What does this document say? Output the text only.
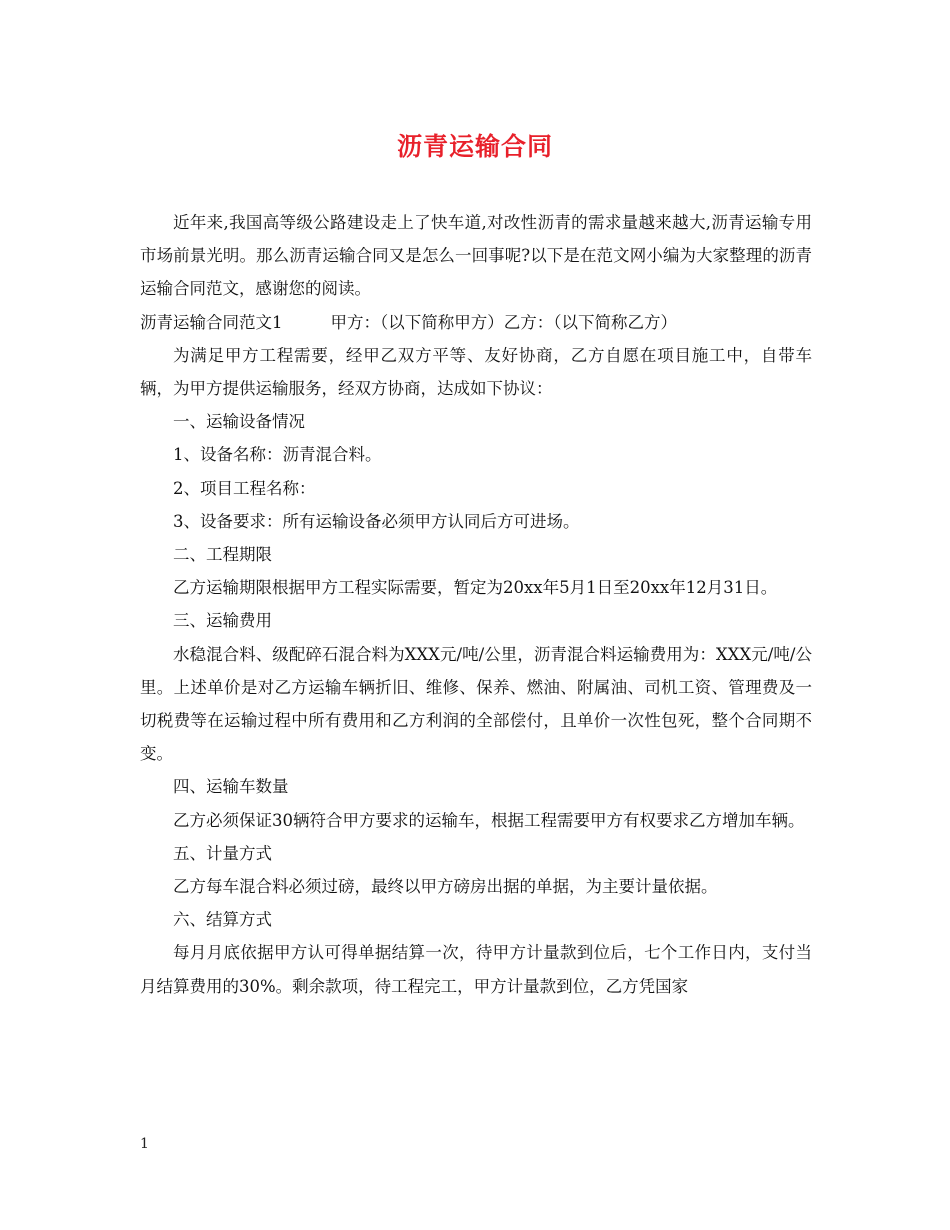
沥青运输合同

近年来,我国高等级公路建设走上了快车道,对改性沥青的需求量越来越大,沥青运输专用市场前景光明。那么沥青运输合同又是怎么一回事呢?以下是在范文网小编为大家整理的沥青运输合同范文，感谢您的阅读。

沥青运输合同范文1	甲方：（以下简称甲方）乙方：（以下简称乙方）

为满足甲方工程需要，经甲乙双方平等、友好协商，乙方自愿在项目施工中，自带车辆，为甲方提供运输服务，经双方协商，达成如下协议：

一、运输设备情况

1、设备名称：沥青混合料。

2、项目工程名称：

3、设备要求：所有运输设备必须甲方认同后方可进场。

二、工程期限

乙方运输期限根据甲方工程实际需要，暂定为20xx年5月1日至20xx年12月31日。

三、运输费用

水稳混合料、级配碎石混合料为XXX元/吨/公里，沥青混合料运输费用为：XXX元/吨/公里。上述单价是对乙方运输车辆折旧、维修、保养、燃油、附属油、司机工资、管理费及一切税费等在运输过程中所有费用和乙方利润的全部偿付，且单价一次性包死，整个合同期不变。

四、运输车数量

乙方必须保证30辆符合甲方要求的运输车，根据工程需要甲方有权要求乙方增加车辆。

五、计量方式

乙方每车混合料必须过磅，最终以甲方磅房出据的单据，为主要计量依据。

六、结算方式

每月月底依据甲方认可得单据结算一次，待甲方计量款到位后，七个工作日内，支付当月结算费用的30%。剩余款项，待工程完工，甲方计量款到位，乙方凭国家

1
